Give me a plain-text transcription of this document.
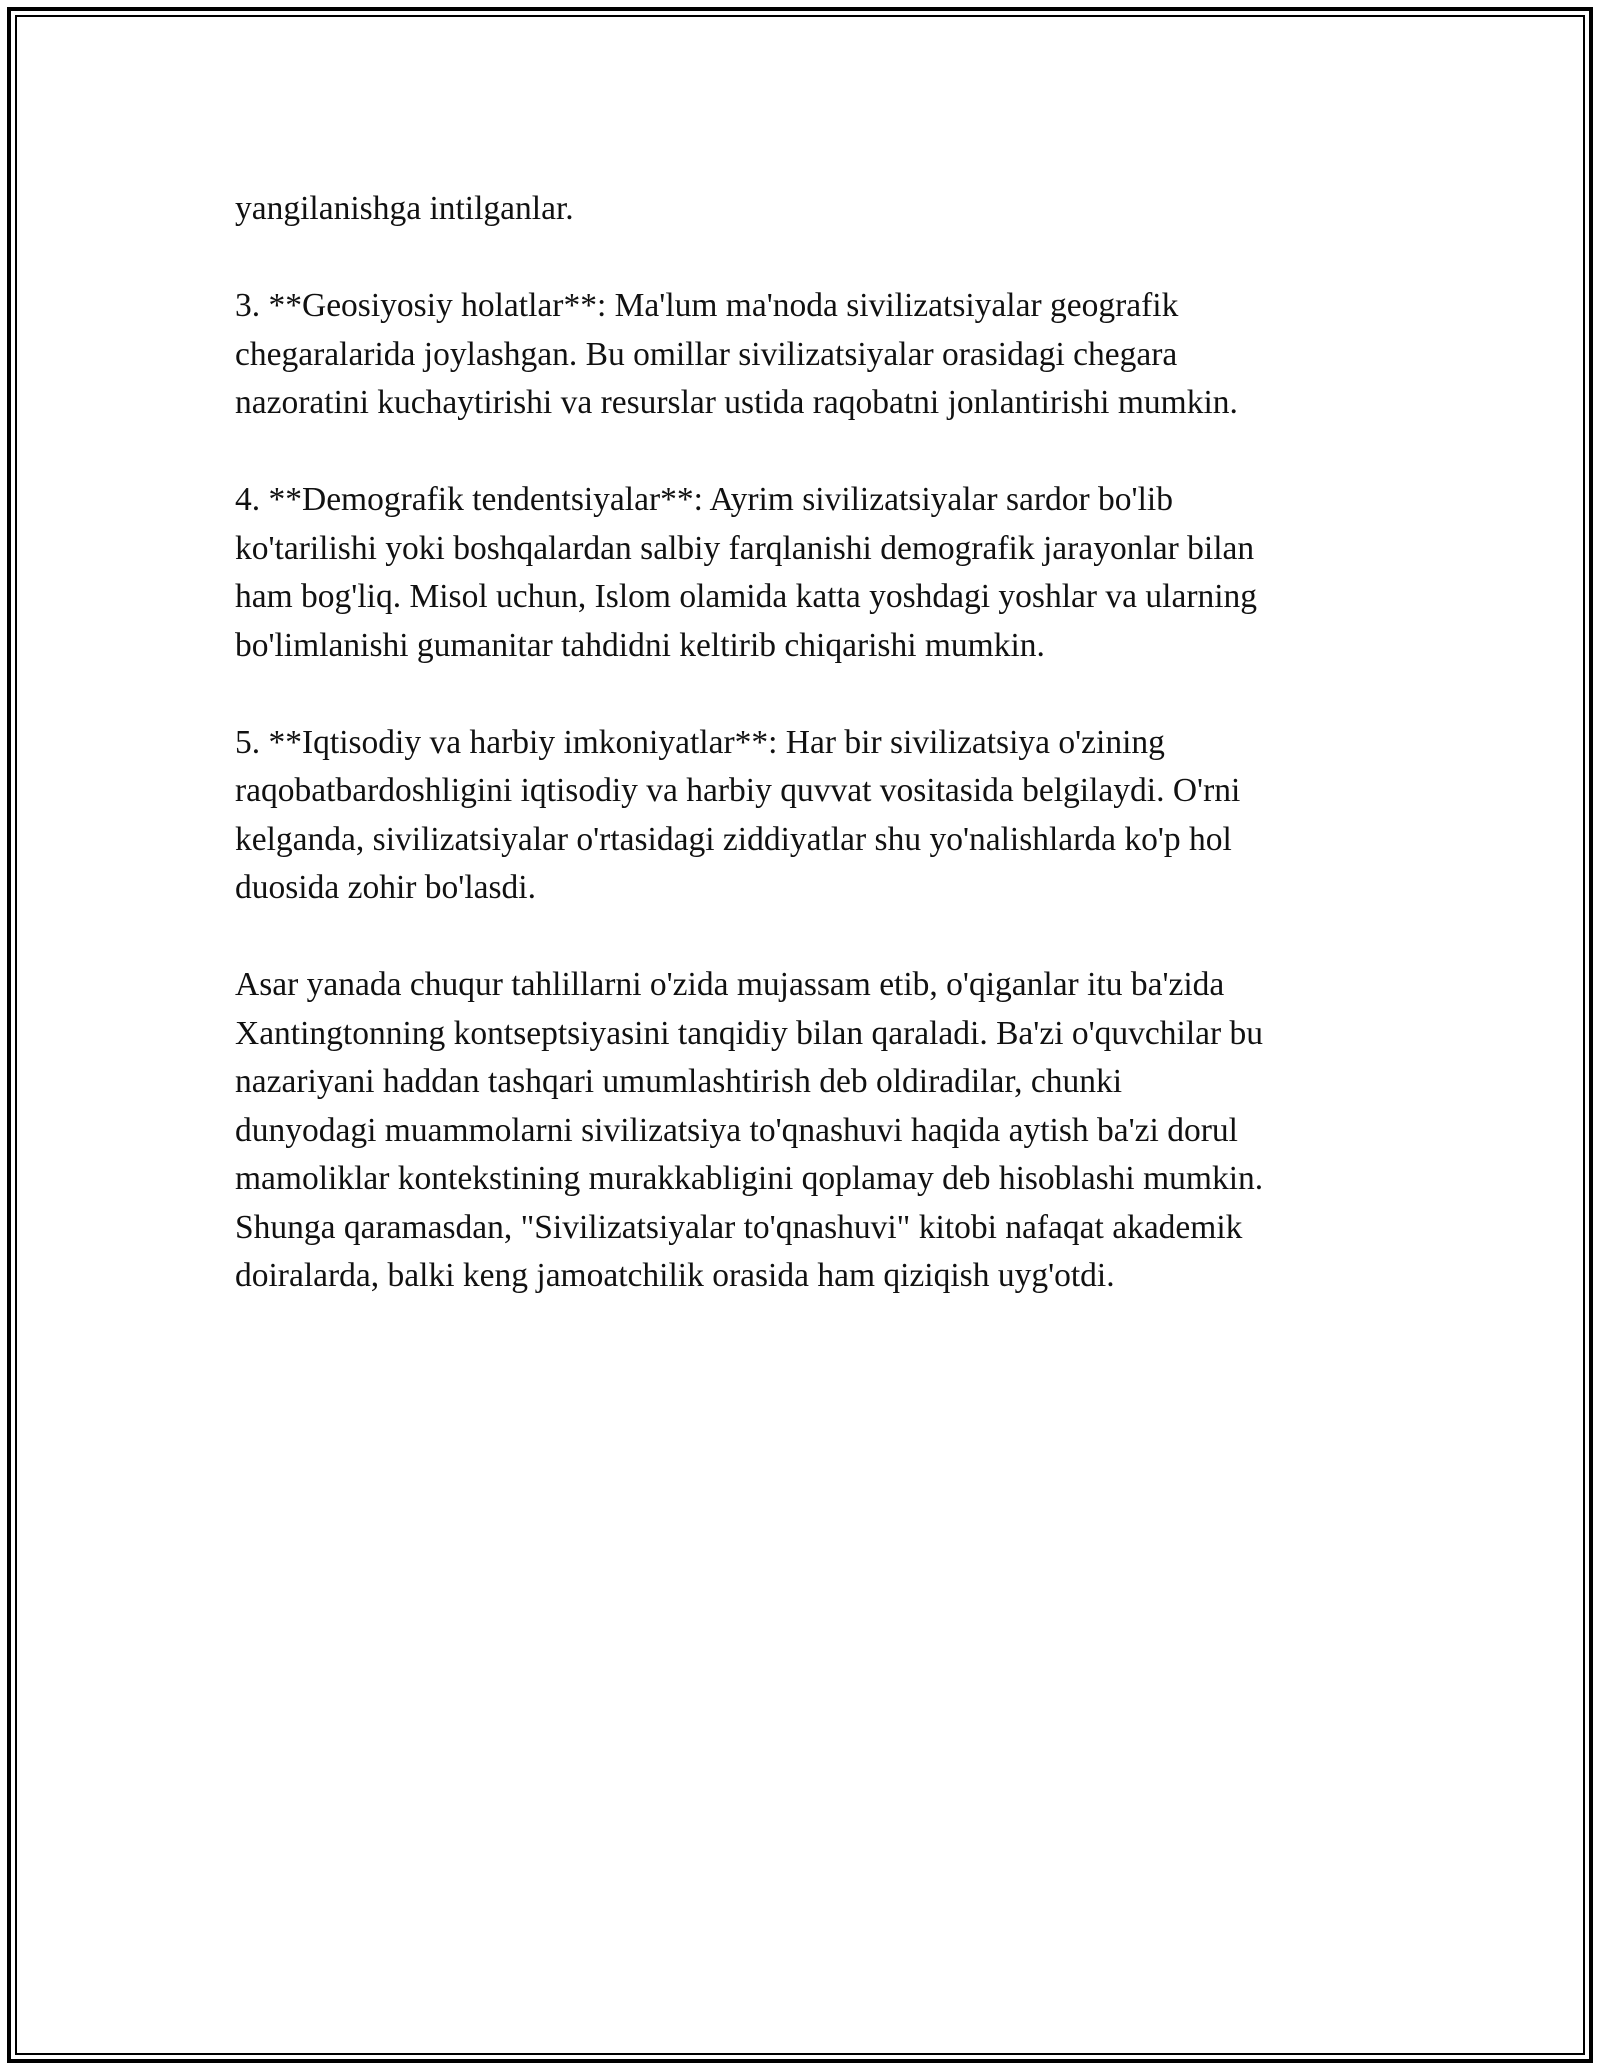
yangilanishga intilganlar.

3. **Geosiyosiy holatlar**: Ma'lum ma'noda sivilizatsiyalar geografik
chegaralarida joylashgan. Bu omillar sivilizatsiyalar orasidagi chegara
nazoratini kuchaytirishi va resurslar ustida raqobatni jonlantirishi mumkin.

4. **Demografik tendentsiyalar**: Ayrim sivilizatsiyalar sardor bo'lib
ko'tarilishi yoki boshqalardan salbiy farqlanishi demografik jarayonlar bilan
ham bog'liq. Misol uchun, Islom olamida katta yoshdagi yoshlar va ularning
bo'limlanishi gumanitar tahdidni keltirib chiqarishi mumkin.

5. **Iqtisodiy va harbiy imkoniyatlar**: Har bir sivilizatsiya o'zining
raqobatbardoshligini iqtisodiy va harbiy quvvat vositasida belgilaydi. O'rni
kelganda, sivilizatsiyalar o'rtasidagi ziddiyatlar shu yo'nalishlarda ko'p hol
duosida zohir bo'lasdi.

Asar yanada chuqur tahlillarni o'zida mujassam etib, o'qiganlar itu ba'zida
Xantingtonning kontseptsiyasini tanqidiy bilan qaraladi. Ba'zi o'quvchilar bu
nazariyani haddan tashqari umumlashtirish deb oldiradilar, chunki
dunyodagi muammolarni sivilizatsiya to'qnashuvi haqida aytish ba'zi dorul
mamoliklar kontekstining murakkabligini qoplamay deb hisoblashi mumkin.
Shunga qaramasdan, "Sivilizatsiyalar to'qnashuvi" kitobi nafaqat akademik
doiralarda, balki keng jamoatchilik orasida ham qiziqish uyg'otdi.
